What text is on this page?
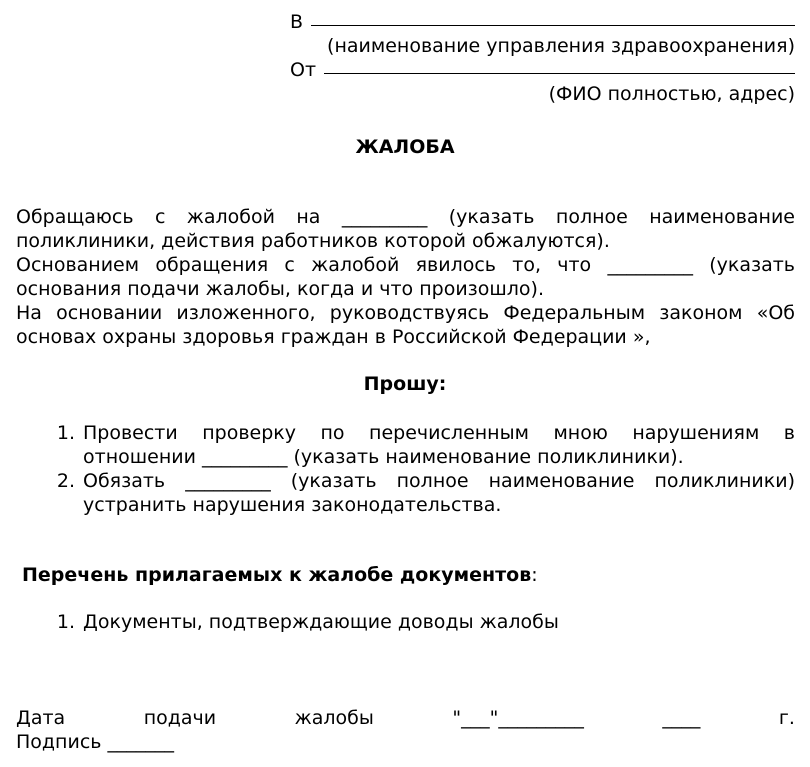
В
(наименование управления здравоохранения)
От
(ФИО полностью, адрес)
ЖАЛОБА

Обращаюсь с жалобой на _________ (указать полное наименование поликлиники, действия работников которой обжалуются).

Основанием обращения с жалобой явилось то, что _________ (указать основания подачи жалобы, когда и что произошло).

На основании изложенного, руководствуясь Федеральным законом «Об основах охраны здоровья граждан в Российской Федерации »,

Прошу:
1. Провести проверку по перечисленным мною нарушениям в отношении _________ (указать наименование поликлиники).
2. Обязать _________ (указать полное наименование поликлиники) устранить нарушения законодательства.
Перечень прилагаемых к жалобе документов:
1. Документы, подтверждающие доводы жалобы
Дата	подачи	жалобы	"___"_________	____	г.
Подпись _______
